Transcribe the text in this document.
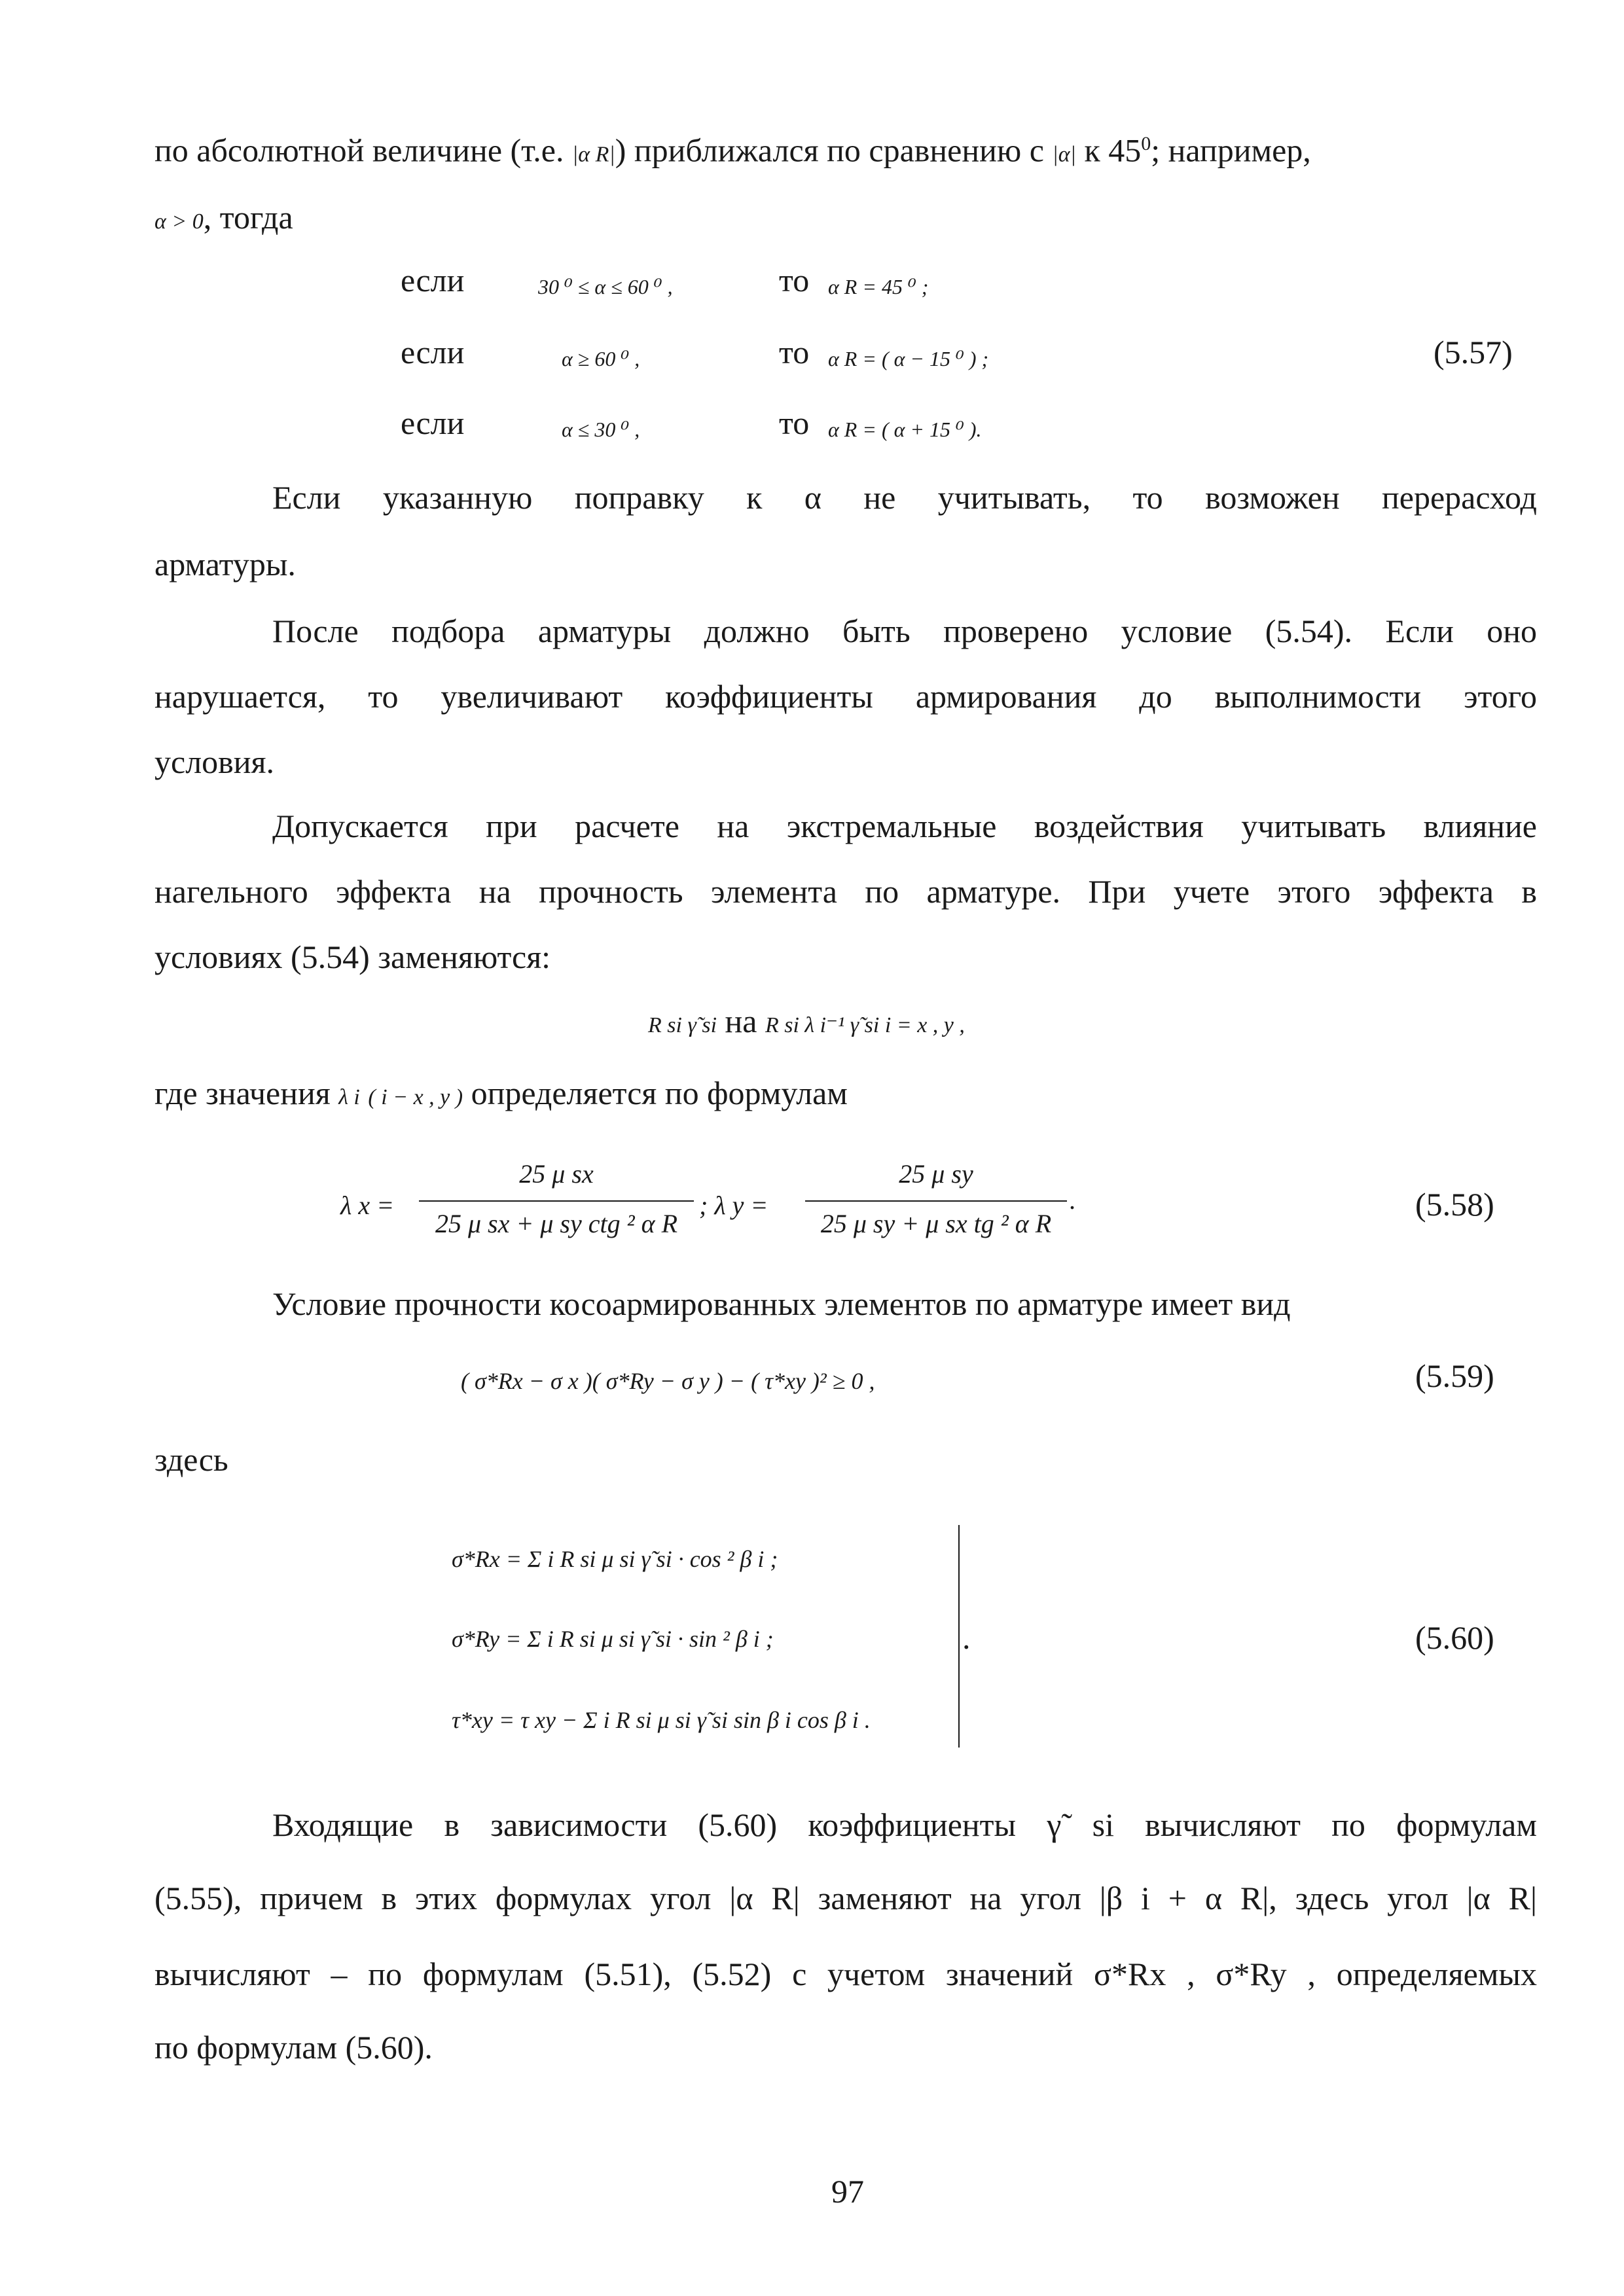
по абсолютной величине (т.е. |α R|) приближался по сравнению с |α| к $45^0$; например,
α > 0, тогда
если	30 ⁰ ≤ α ≤ 60 ⁰ ,	то α R = 45 ⁰ ;
если	α ≥ 60 ⁰ ,	то α R = ( α − 15 ⁰ ) ;	(5.57)
если	α ≤ 30 ⁰ ,	то α R = ( α + 15 ⁰ ).
Если указанную поправку к α не учитывать, то возможен перерасход
арматуры.
После подбора арматуры должно быть проверено условие (5.54). Если оно
нарушается, то увеличивают коэффициенты армирования до выполнимости этого
условия.
Допускается при расчете на экстремальные воздействия учитывать влияние
нагельного эффекта на прочность элемента по арматуре. При учете этого эффекта в
условиях (5.54) заменяются:
R si γ̃ si на R si λ i⁻¹ γ̃ si i = x , y ,
где значения λ i ( i − x , y ) определяется по формулам
λ x =
25 μ sx
25 μ sx + μ sy ctg ² α R
; λ y =
25 μ sy
25 μ sy + μ sx tg ² α R
.	(5.58)
Условие прочности косоармированных элементов по арматуре имеет вид
( σ*Rx − σ x )( σ*Ry − σ y ) − ( τ*xy )² ≥ 0 ,	(5.59)
здесь
σ*Rx = Σ i R si μ si γ̃ si · cos ² β i ;
σ*Ry = Σ i R si μ si γ̃ si · sin ² β i ;
τ*xy = τ xy − Σ i R si μ si γ̃ si sin β i cos β i .
.	(5.60)
Входящие в зависимости (5.60) коэффициенты γ̃ si вычисляют по формулам
(5.55), причем в этих формулах угол |α R| заменяют на угол |β i + α R|, здесь угол |α R|
вычисляют – по формулам (5.51), (5.52) с учетом значений σ*Rx , σ*Ry , определяемых
по формулам (5.60).
97
